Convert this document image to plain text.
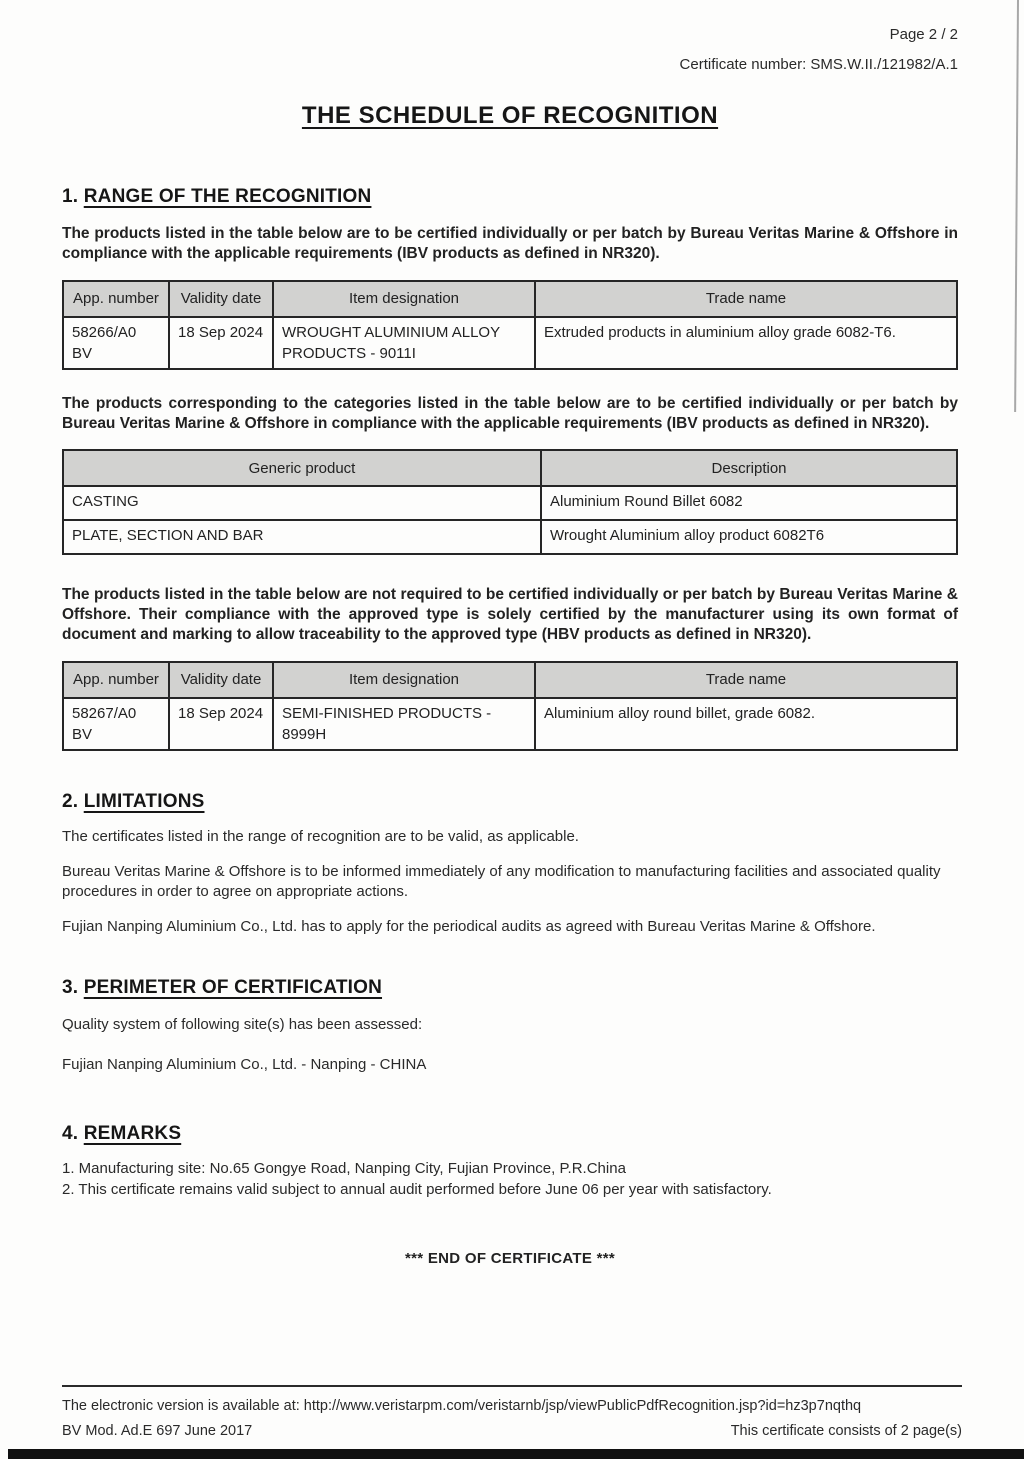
Page 2 / 2
Certificate number: SMS.W.II./121982/A.1
THE SCHEDULE OF RECOGNITION
1. RANGE OF THE RECOGNITION

The products listed in the table below are to be certified individually or per batch by Bureau Veritas Marine & Offshore in compliance with the applicable requirements (IBV products as defined in NR320).

App. number	Validity date	Item designation	Trade name
58266/A0 BV	18 Sep 2024	WROUGHT ALUMINIUM ALLOY PRODUCTS - 9011I	Extruded products in aluminium alloy grade 6082-T6.

The products corresponding to the categories listed in the table below are to be certified individually or per batch by Bureau Veritas Marine & Offshore in compliance with the applicable requirements (IBV products as defined in NR320).

Generic product	Description
CASTING	Aluminium Round Billet 6082
PLATE, SECTION AND BAR	Wrought Aluminium alloy product 6082T6

The products listed in the table below are not required to be certified individually or per batch by Bureau Veritas Marine & Offshore. Their compliance with the approved type is solely certified by the manufacturer using its own format of document and marking to allow traceability to the approved type (HBV products as defined in NR320).

App. number	Validity date	Item designation	Trade name
58267/A0 BV	18 Sep 2024	SEMI-FINISHED PRODUCTS - 8999H	Aluminium alloy round billet, grade 6082.
2. LIMITATIONS

The certificates listed in the range of recognition are to be valid, as applicable.

Bureau Veritas Marine & Offshore is to be informed immediately of any modification to manufacturing facilities and associated quality procedures in order to agree on appropriate actions.

Fujian Nanping Aluminium Co., Ltd. has to apply for the periodical audits as agreed with Bureau Veritas Marine & Offshore.

3. PERIMETER OF CERTIFICATION

Quality system of following site(s) has been assessed:

Fujian Nanping Aluminium Co., Ltd. - Nanping - CHINA

4. REMARKS

1. Manufacturing site: No.65 Gongye Road, Nanping City, Fujian Province, P.R.China

2. This certificate remains valid subject to annual audit performed before June 06 per year with satisfactory.

*** END OF CERTIFICATE ***
The electronic version is available at: http://www.veristarpm.com/veristarnb/jsp/viewPublicPdfRecognition.jsp?id=hz3p7nqthq
BV Mod. Ad.E 697 June 2017	This certificate consists of 2 page(s)
